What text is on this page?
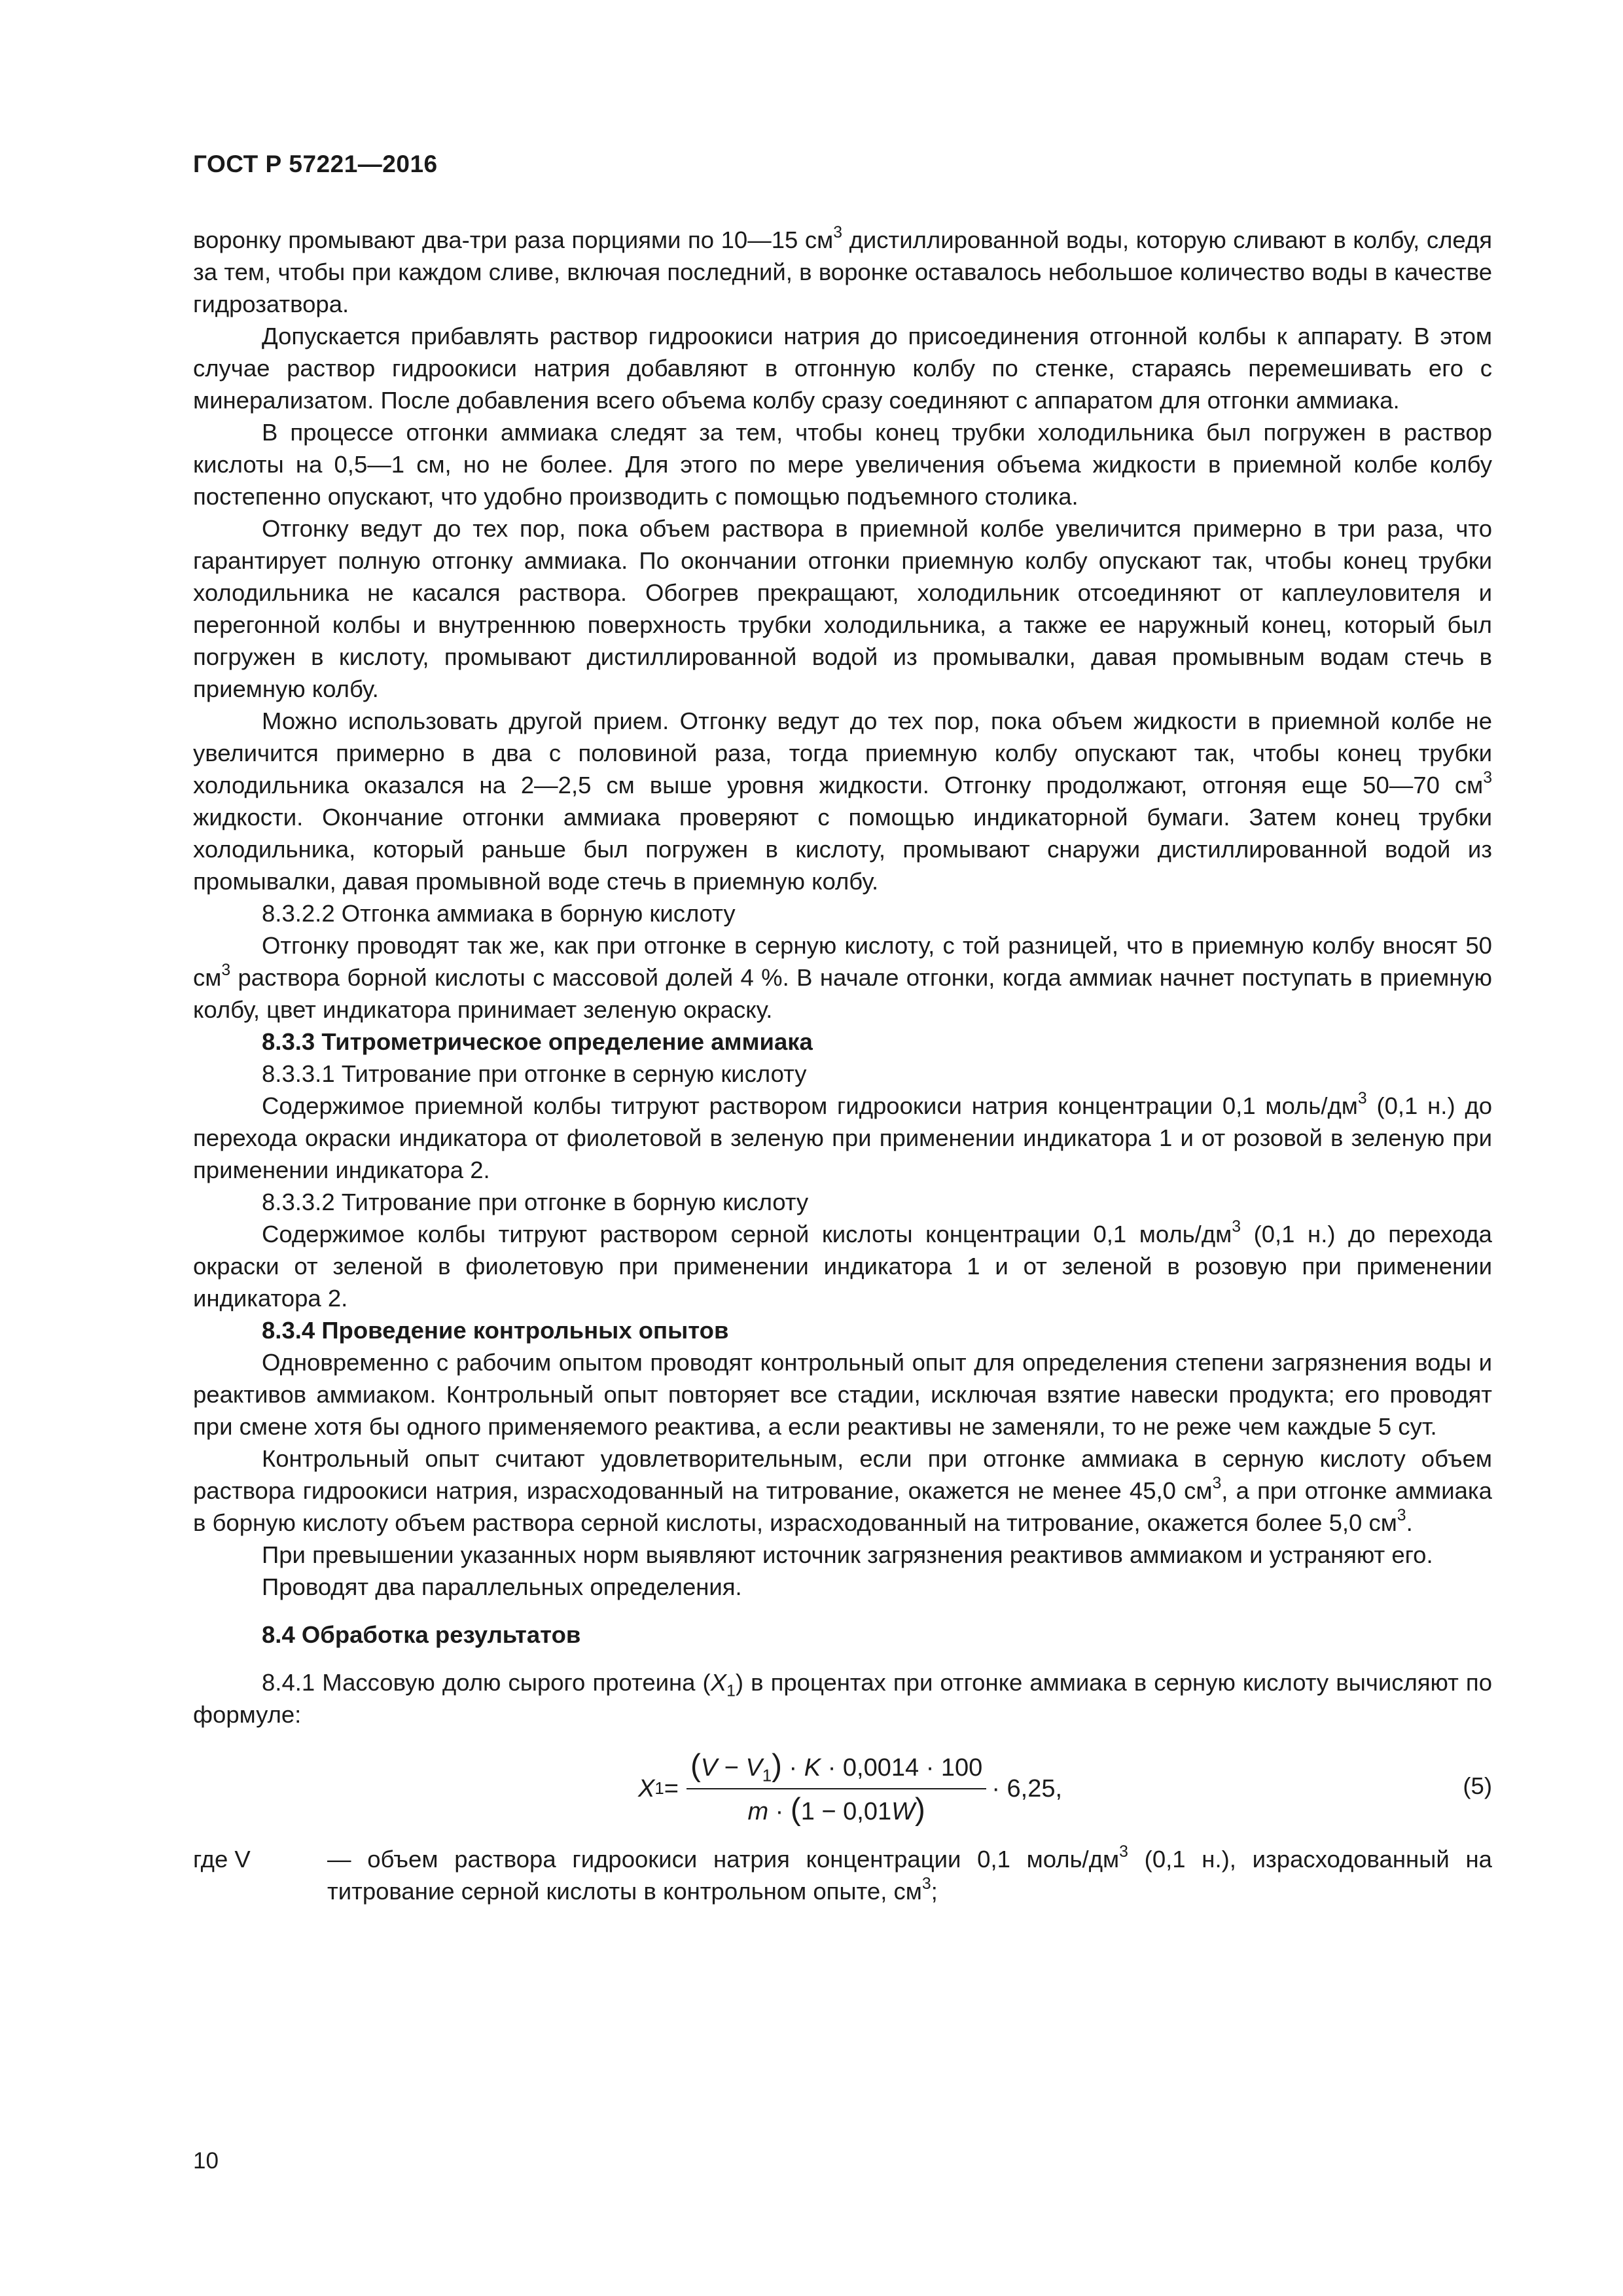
ГОСТ Р 57221—2016

воронку промывают два-три раза порциями по 10—15 $см^3$ дистиллированной воды, которую сливают в колбу, следя за тем, чтобы при каждом сливе, включая последний, в воронке оставалось небольшое количество воды в качестве гидрозатвора.

Допускается прибавлять раствор гидроокиси натрия до присоединения отгонной колбы к аппарату. В этом случае раствор гидроокиси натрия добавляют в отгонную колбу по стенке, стараясь перемешивать его с минерализатом. После добавления всего объема колбу сразу соединяют с аппаратом для отгонки аммиака.

В процессе отгонки аммиака следят за тем, чтобы конец трубки холодильника был погружен в раствор кислоты на 0,5—1 см, но не более. Для этого по мере увеличения объема жидкости в приемной колбе колбу постепенно опускают, что удобно производить с помощью подъемного столика.

Отгонку ведут до тех пор, пока объем раствора в приемной колбе увеличится примерно в три раза, что гарантирует полную отгонку аммиака. По окончании отгонки приемную колбу опускают так, чтобы конец трубки холодильника не касался раствора. Обогрев прекращают, холодильник отсоединяют от каплеуловителя и перегонной колбы и внутреннюю поверхность трубки холодильника, а также ее наружный конец, который был погружен в кислоту, промывают дистиллированной водой из промывалки, давая промывным водам стечь в приемную колбу.

Можно использовать другой прием. Отгонку ведут до тех пор, пока объем жидкости в приемной колбе не увеличится примерно в два с половиной раза, тогда приемную колбу опускают так, чтобы конец трубки холодильника оказался на 2—2,5 см выше уровня жидкости. Отгонку продолжают, отгоняя еще 50—70 $см^3$ жидкости. Окончание отгонки аммиака проверяют с помощью индикаторной бумаги. Затем конец трубки холодильника, который раньше был погружен в кислоту, промывают снаружи дистиллированной водой из промывалки, давая промывной воде стечь в приемную колбу.

8.3.2.2 Отгонка аммиака в борную кислоту

Отгонку проводят так же, как при отгонке в серную кислоту, с той разницей, что в приемную колбу вносят 50 $см^3$ раствора борной кислоты с массовой долей 4 %. В начале отгонки, когда аммиак начнет поступать в приемную колбу, цвет индикатора принимает зеленую окраску.

8.3.3 Титрометрическое определение аммиака

8.3.3.1 Титрование при отгонке в серную кислоту

Содержимое приемной колбы титруют раствором гидроокиси натрия концентрации 0,1 моль/$дм^3$ (0,1 н.) до перехода окраски индикатора от фиолетовой в зеленую при применении индикатора 1 и от розовой в зеленую при применении индикатора 2.

8.3.3.2 Титрование при отгонке в борную кислоту

Содержимое колбы титруют раствором серной кислоты концентрации 0,1 моль/$дм^3$ (0,1 н.) до перехода окраски от зеленой в фиолетовую при применении индикатора 1 и от зеленой в розовую при применении индикатора 2.

8.3.4 Проведение контрольных опытов

Одновременно с рабочим опытом проводят контрольный опыт для определения степени загрязнения воды и реактивов аммиаком. Контрольный опыт повторяет все стадии, исключая взятие навески продукта; его проводят при смене хотя бы одного применяемого реактива, а если реактивы не заменяли, то не реже чем каждые 5 сут.

Контрольный опыт считают удовлетворительным, если при отгонке аммиака в серную кислоту объем раствора гидроокиси натрия, израсходованный на титрование, окажется не менее 45,0 $см^3$, а при отгонке аммиака в борную кислоту объем раствора серной кислоты, израсходованный на титрование, окажется более 5,0 $см^3$.

При превышении указанных норм выявляют источник загрязнения реактивов аммиаком и устраняют его.

Проводят два параллельных определения.

8.4 Обработка результатов

8.4.1 Массовую долю сырого протеина $(X_1)$ в процентах при отгонке аммиака в серную кислоту вычисляют по формуле:

X $1 = \frac{(V - V_1) \cdot K \cdot 0,0014 \cdot 100}{m \cdot (1 - 0,01W)} \cdot 6,25$,	(5)
где V	— объем раствора гидроокиси натрия концентрации 0,1 моль/$дм^3$ (0,1 н.), израсходованный на титрование серной кислоты в контрольном опыте, $см^3$;
10
